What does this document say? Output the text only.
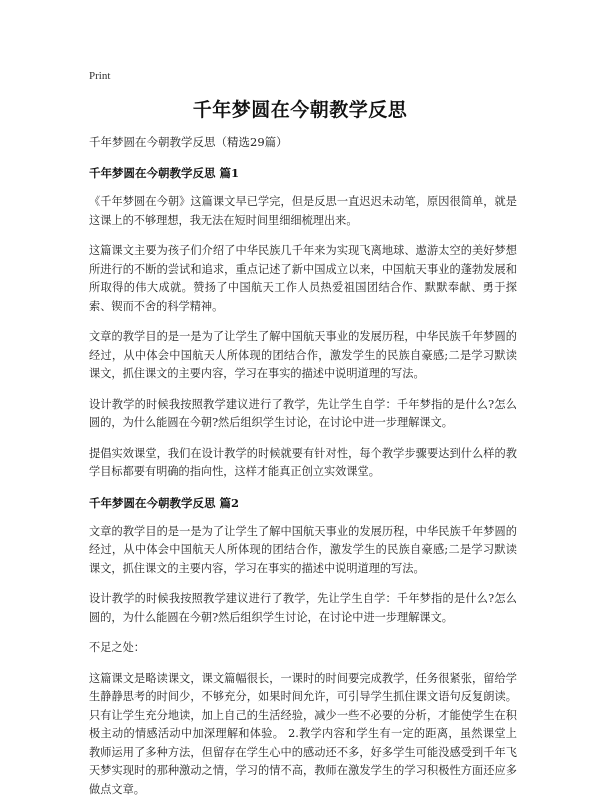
Print
千年梦圆在今朝教学反思

千年梦圆在今朝教学反思（精选29篇）

千年梦圆在今朝教学反思 篇1

《千年梦圆在今朝》这篇课文早已学完，但是反思一直迟迟未动笔，原因很简单，就是这课上的不够理想，我无法在短时间里细细梳理出来。

这篇课文主要为孩子们介绍了中华民族几千年来为实现飞离地球、遨游太空的美好梦想所进行的不断的尝试和追求，重点记述了新中国成立以来，中国航天事业的蓬勃发展和所取得的伟大成就。赞扬了中国航天工作人员热爱祖国团结合作、默默奉献、勇于探索、锲而不舍的科学精神。

文章的教学目的是一是为了让学生了解中国航天事业的发展历程，中华民族千年梦圆的经过，从中体会中国航天人所体现的团结合作，激发学生的民族自豪感;二是学习默读课文，抓住课文的主要内容，学习在事实的描述中说明道理的写法。

设计教学的时候我按照教学建议进行了教学，先让学生自学：千年梦指的是什么?怎么圆的，为什么能圆在今朝?然后组织学生讨论，在讨论中进一步理解课文。

提倡实效课堂，我们在设计教学的时候就要有针对性，每个教学步骤要达到什么样的教学目标都要有明确的指向性，这样才能真正创立实效课堂。

千年梦圆在今朝教学反思 篇2

文章的教学目的是一是为了让学生了解中国航天事业的发展历程，中华民族千年梦圆的经过，从中体会中国航天人所体现的团结合作，激发学生的民族自豪感;二是学习默读课文，抓住课文的主要内容，学习在事实的描述中说明道理的写法。

设计教学的时候我按照教学建议进行了教学，先让学生自学：千年梦指的是什么?怎么圆的，为什么能圆在今朝?然后组织学生讨论，在讨论中进一步理解课文。

不足之处：

这篇课文是略读课文，课文篇幅很长，一课时的时间要完成教学，任务很紧张，留给学生静静思考的时间少，不够充分，如果时间允许，可引导学生抓住课文语句反复朗读。只有让学生充分地读，加上自己的生活经验，减少一些不必要的分析，才能使学生在积极主动的情感活动中加深理解和体验。 2.教学内容和学生有一定的距离，虽然课堂上教师运用了多种方法，但留存在学生心中的感动还不多，好多学生可能没感受到千年飞天梦实现时的那种激动之情，学习的情不高，教师在激发学生的学习积极性方面还应多做点文章。
